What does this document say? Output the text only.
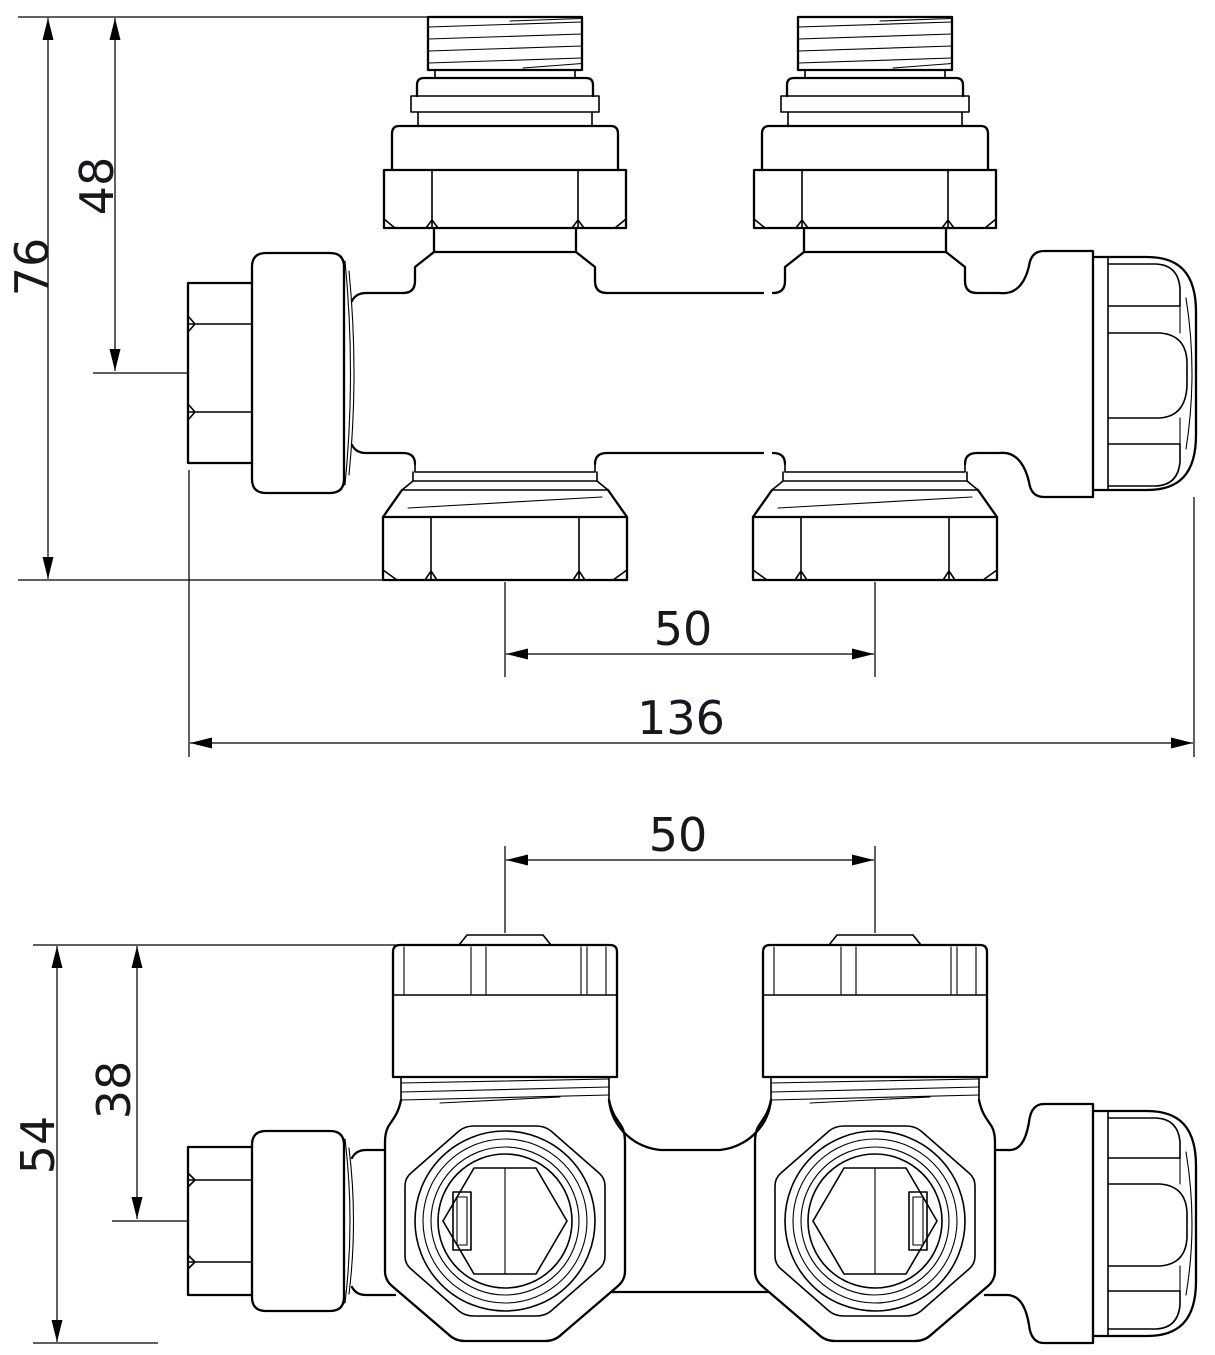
76
48
50
136
50
54
38
